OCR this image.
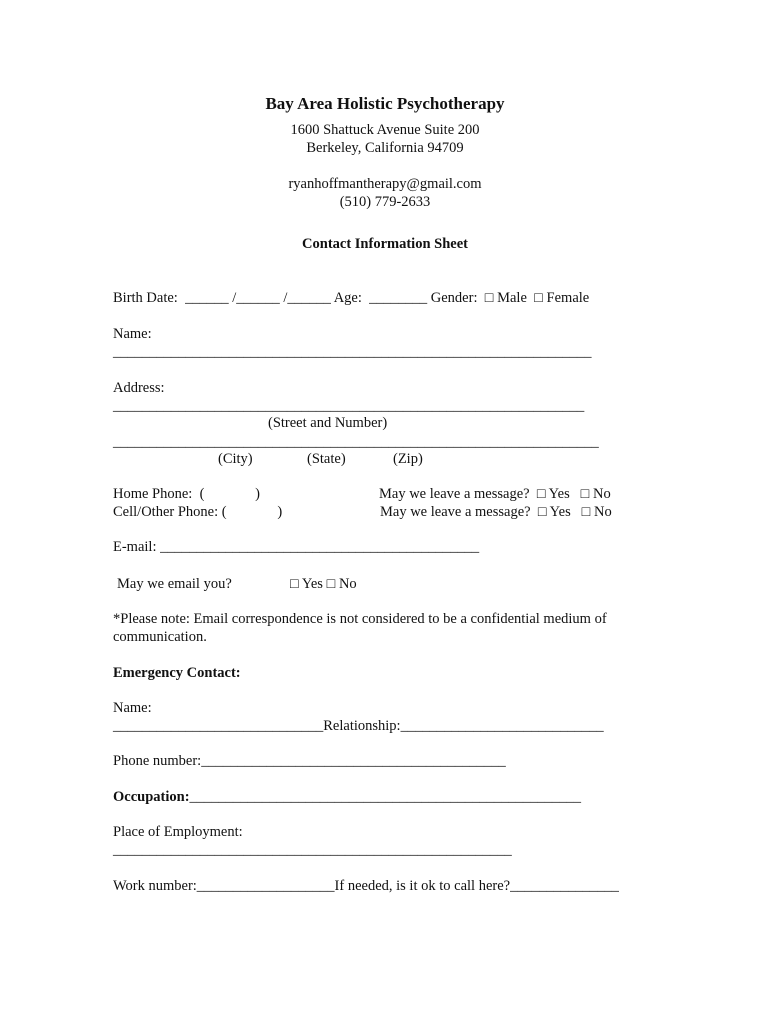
Bay Area Holistic Psychotherapy
1600 Shattuck Avenue Suite 200
Berkeley, California 94709
ryanhoffmantherapy@gmail.com
(510) 779-2633
Contact Information Sheet
Birth Date:  ______ /______ /______ Age:  ________ Gender:  □ Male  □ Female
Name:
__________________________________________________________________
Address:
_________________________________________________________________
(Street and Number)
___________________________________________________________________
(City)	(State)	(Zip)
Home Phone:  (              )	May we leave a message?  □ Yes   □ No
Cell/Other Phone: (              )	May we leave a message?  □ Yes   □ No
E-mail: ____________________________________________
May we email you?	□ Yes □ No
*Please note: Email correspondence is not considered to be a confidential medium of
communication.
Emergency Contact:
Name:
_____________________________Relationship:____________________________
Phone number:__________________________________________
Occupation:______________________________________________________
Place of Employment:
_______________________________________________________
Work number:___________________If needed, is it ok to call here?_______________
